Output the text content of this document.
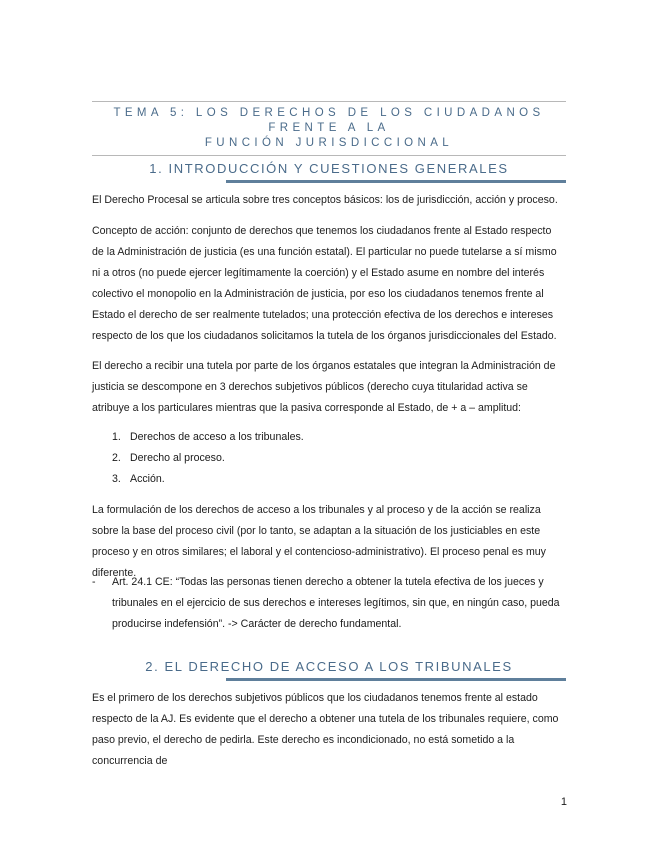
TEMA 5: LOS DERECHOS DE LOS CIUDADANOS FRENTE A LA
FUNCIÓN JURISDICCIONAL
1. INTRODUCCIÓN Y CUESTIONES GENERALES
El Derecho Procesal se articula sobre tres conceptos básicos: los de jurisdicción, acción y proceso.
Concepto de acción: conjunto de derechos que tenemos los ciudadanos frente al Estado respecto de la Administración de justicia (es una función estatal). El particular no puede tutelarse a sí mismo ni a otros (no puede ejercer legítimamente la coerción) y el Estado asume en nombre del interés colectivo el monopolio en la Administración de justicia, por eso los ciudadanos tenemos frente al Estado el derecho de ser realmente tutelados; una protección efectiva de los derechos e intereses respecto de los que los ciudadanos solicitamos la tutela de los órganos jurisdiccionales del Estado.
El derecho a recibir una tutela por parte de los órganos estatales que integran la Administración de justicia se descompone en 3 derechos subjetivos públicos (derecho cuya titularidad activa se atribuye a los particulares mientras que la pasiva corresponde al Estado, de + a – amplitud:
1. Derechos de acceso a los tribunales.
2. Derecho al proceso.
3. Acción.
La formulación de los derechos de acceso a los tribunales y al proceso y de la acción se realiza sobre la base del proceso civil (por lo tanto, se adaptan a la situación de los justiciables en este proceso y en otros similares; el laboral y el contencioso-administrativo). El proceso penal es muy diferente.
- Art. 24.1 CE: “Todas las personas tienen derecho a obtener la tutela efectiva de los jueces y tribunales en el ejercicio de sus derechos e intereses legítimos, sin que, en ningún caso, pueda producirse indefensión”. -> Carácter de derecho fundamental.
2. EL DERECHO DE ACCESO A LOS TRIBUNALES
Es el primero de los derechos subjetivos públicos que los ciudadanos tenemos frente al estado respecto de la AJ. Es evidente que el derecho a obtener una tutela de los tribunales requiere, como paso previo, el derecho de pedirla. Este derecho es incondicionado, no está sometido a la concurrencia de
1
